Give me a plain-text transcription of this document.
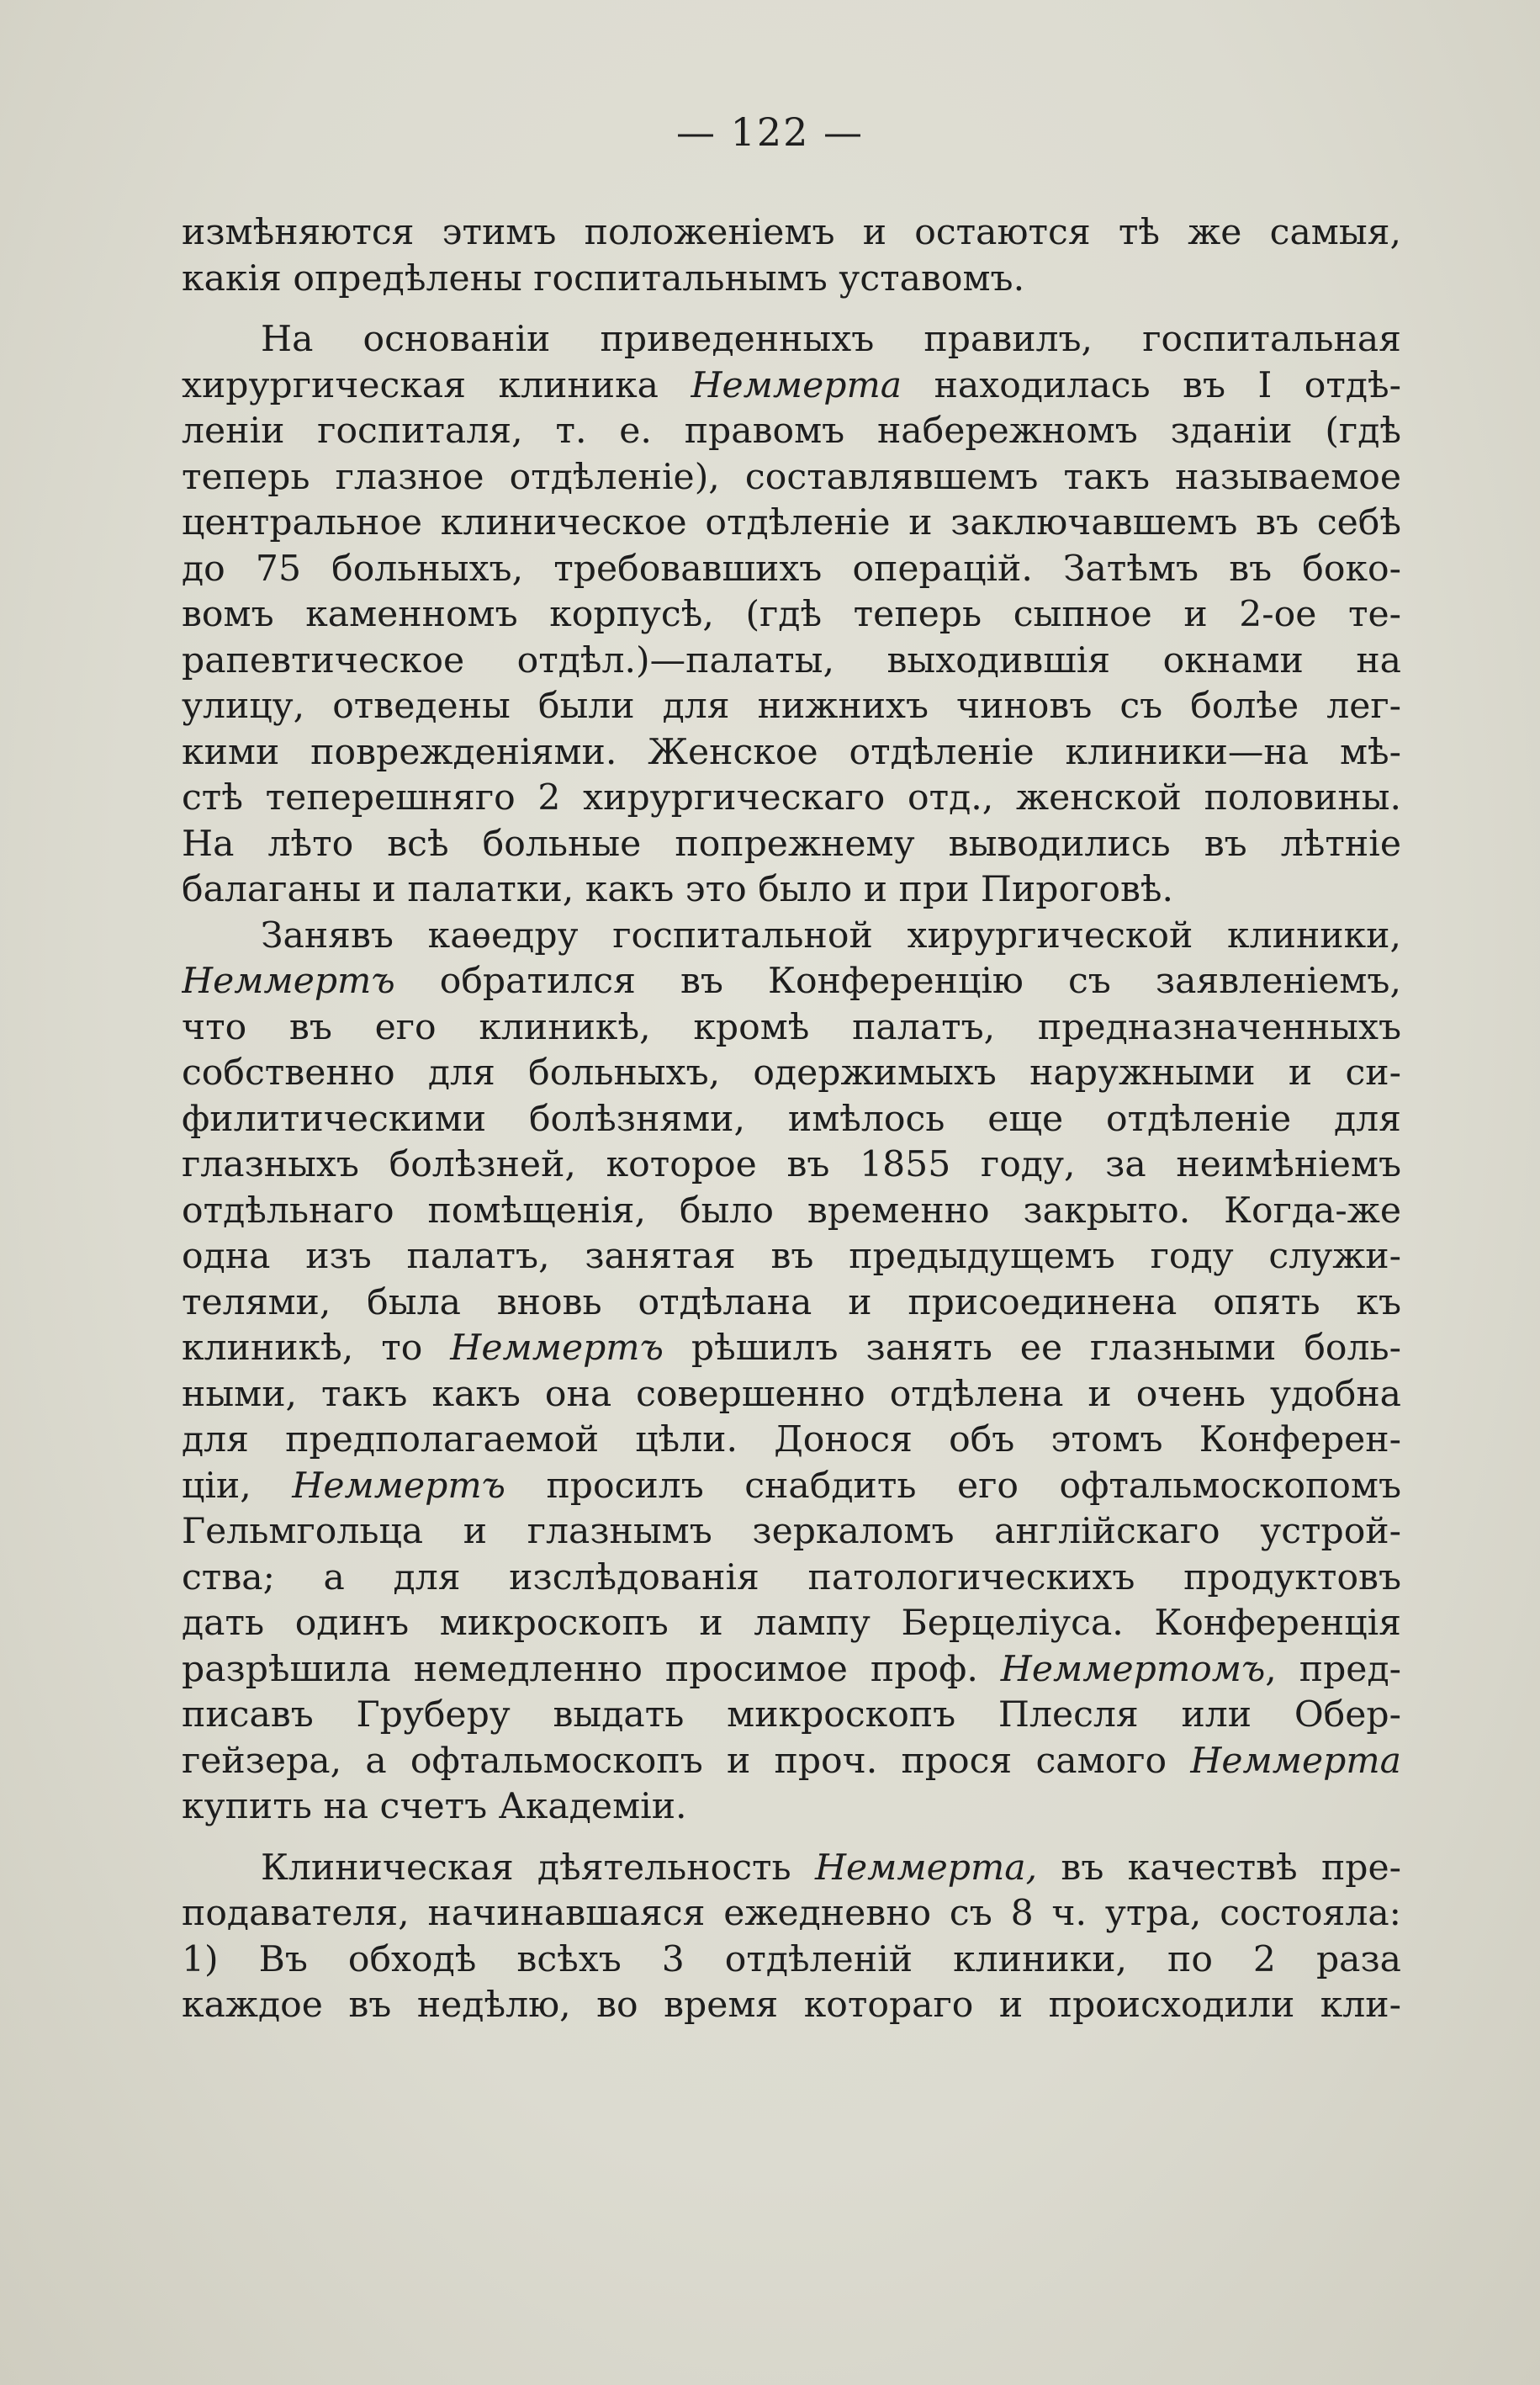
— 122 —
измѣняются этимъ положеніемъ и остаются тѣ же самыя,
какія опредѣлены госпитальнымъ уставомъ.
На основаніи приведенныхъ правилъ, госпитальная
хирургическая клиника Неммерта находилась въ I отдѣ-
леніи госпиталя, т. е. правомъ набережномъ зданіи (гдѣ
теперь глазное отдѣленіе), составлявшемъ такъ называемое
центральное клиническое отдѣленіе и заключавшемъ въ себѣ
до 75 больныхъ, требовавшихъ операцій. Затѣмъ въ боко-
вомъ каменномъ корпусѣ, (гдѣ теперь сыпное и 2-ое те-
рапевтическое отдѣл.)—палаты, выходившія окнами на
улицу, отведены были для нижнихъ чиновъ съ болѣе лег-
кими поврежденіями. Женское отдѣленіе клиники—на мѣ-
стѣ теперешняго 2 хирургическаго отд., женской половины.
На лѣто всѣ больные попрежнему выводились въ лѣтніе
балаганы и палатки, какъ это было и при Пироговѣ.
Занявъ каѳедру госпитальной хирургической клиники,
Неммертъ обратился въ Конференцію съ заявленіемъ,
что въ его клиникѣ, кромѣ палатъ, предназначенныхъ
собственно для больныхъ, одержимыхъ наружными и си-
филитическими болѣзнями, имѣлось еще отдѣленіе для
глазныхъ болѣзней, которое въ 1855 году, за неимѣніемъ
отдѣльнаго помѣщенія, было временно закрыто. Когда-же
одна изъ палатъ, занятая въ предыдущемъ году служи-
телями, была вновь отдѣлана и присоединена опять къ
клиникѣ, то Неммертъ рѣшилъ занять ее глазными боль-
ными, такъ какъ она совершенно отдѣлена и очень удобна
для предполагаемой цѣли. Донося объ этомъ Конферен-
ціи, Неммертъ просилъ снабдить его офтальмоскопомъ
Гельмгольца и глазнымъ зеркаломъ англійскаго устрой-
ства; а для изслѣдованія патологическихъ продуктовъ
дать одинъ микроскопъ и лампу Берцеліуса. Конференція
разрѣшила немедленно просимое проф. Неммертомъ, пред-
писавъ Груберу выдать микроскопъ Плесля или Обер-
гейзера, а офтальмоскопъ и проч. прося самого Неммерта
купить на счетъ Академіи.
Клиническая дѣятельность Неммерта, въ качествѣ пре-
подавателя, начинавшаяся ежедневно съ 8 ч. утра, состояла:
1) Въ обходѣ всѣхъ 3 отдѣленій клиники, по 2 раза
каждое въ недѣлю, во время котораго и происходили кли-
